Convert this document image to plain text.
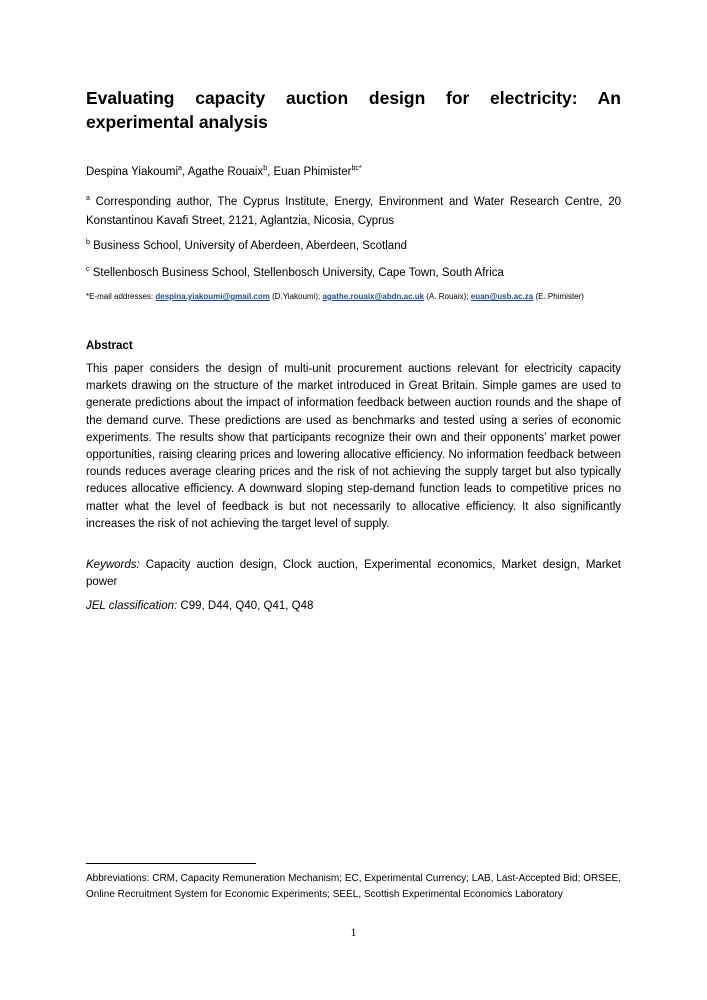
Evaluating capacity auction design for electricity: An experimental analysis
Despina Yiakoumi$^a$, Agathe Rouaix$^b$, Euan Phimister$^{bc*}$
$^a$ Corresponding author, The Cyprus Institute, Energy, Environment and Water Research Centre, 20 Konstantinou Kavafi Street, 2121, Aglantzia, Nicosia, Cyprus
$^b$ Business School, University of Aberdeen, Aberdeen, Scotland
$^c$ Stellenbosch Business School, Stellenbosch University, Cape Town, South Africa
*E-mail addresses: despina.yiakoumi@gmail.com (D.Yiakoumi); agathe.rouaix@abdn.ac.uk (A. Rouaix); euan@usb.ac.za (E. Phimister)
Abstract
This paper considers the design of multi-unit procurement auctions relevant for electricity capacity markets drawing on the structure of the market introduced in Great Britain. Simple games are used to generate predictions about the impact of information feedback between auction rounds and the shape of the demand curve. These predictions are used as benchmarks and tested using a series of economic experiments. The results show that participants recognize their own and their opponents’ market power opportunities, raising clearing prices and lowering allocative efficiency. No information feedback between rounds reduces average clearing prices and the risk of not achieving the supply target but also typically reduces allocative efficiency. A downward sloping step-demand function leads to competitive prices no matter what the level of feedback is but not necessarily to allocative efficiency. It also significantly increases the risk of not achieving the target level of supply.
Keywords: Capacity auction design, Clock auction, Experimental economics, Market design, Market power
JEL classification: C99, D44, Q40, Q41, Q48
Abbreviations: CRM, Capacity Remuneration Mechanism; EC, Experimental Currency; LAB, Last-Accepted Bid; ORSEE, Online Recruitment System for Economic Experiments; SEEL, Scottish Experimental Economics Laboratory
1
